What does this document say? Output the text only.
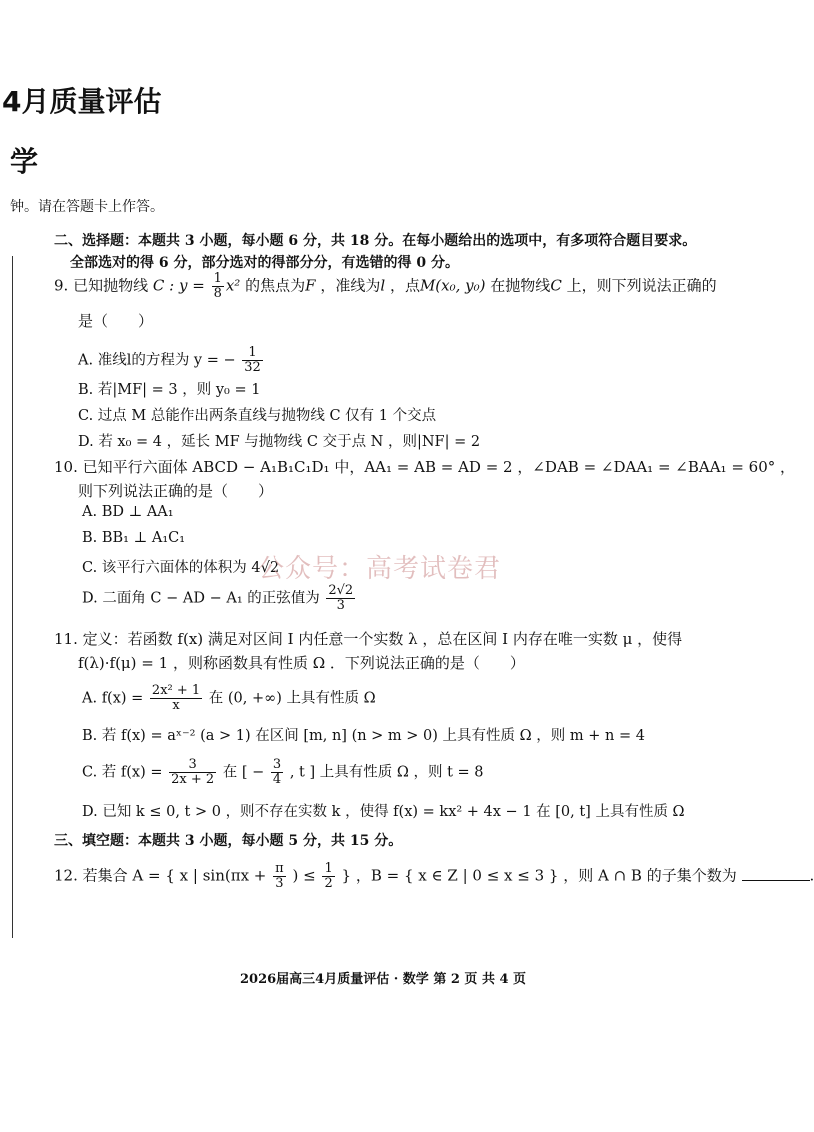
4月质量评估
学
钟。请在答题卡上作答。
二、选择题：本题共 3 小题，每小题 6 分，共 18 分。在每小题给出的选项中，有多项符合题目要求。
全部选对的得 6 分，部分选对的得部分分，有选错的得 0 分。
9. 已知抛物线 C : $y = \frac{1}{8} x^2$ 的焦点为F ，准线为l ，点M(x₀, y₀) 在抛物线C 上，则下列说法正确的
是（　　）
A. 准线l的方程为 y = − $\frac{1}{32}$
B. 若|MF| = 3 ，则 y₀ = 1
C. 过点 M 总能作出两条直线与抛物线 C 仅有 1 个交点
D. 若 x₀ = 4 ，延长 MF 与抛物线 C 交于点 N ，则|NF| = 2
10. 已知平行六面体 ABCD − A₁B₁C₁D₁ 中，AA₁ = AB = AD = 2 ，∠DAB = ∠DAA₁ = ∠BAA₁ = 60° ，
则下列说法正确的是（　　）
A. BD ⊥ AA₁
B. BB₁ ⊥ A₁C₁
C. 该平行六面体的体积为 4√2
D. 二面角 C − AD − A₁ 的正弦值为 $\frac{2√2}{3}$
公众号：高考试卷君
11. 定义：若函数 f(x) 满足对区间 I 内任意一个实数 λ ，总在区间 I 内存在唯一实数 μ ，使得
f(λ)·f(μ) = 1 ，则称函数具有性质 Ω ．下列说法正确的是（　　）
A. $f(x) = \frac{\text{2x² + 1}}{x}$ 在 (0, +∞) 上具有性质 Ω
B. 若 f(x) = aˣ⁻² (a > 1) 在区间 [m, n] (n > m > 0) 上具有性质 Ω ，则 m + n = 4
C. 若 $f(x) = \frac{3}{2x + 2}$ 在 [ − $\frac{3}{4}$ , t ] 上具有性质 Ω ，则 t = 8
D. 已知 k ≤ 0, t > 0 ，则不存在实数 k ，使得 f(x) = kx² + 4x − 1 在 [0, t] 上具有性质 Ω
三、填空题：本题共 3 小题，每小题 5 分，共 15 分。
12. 若集合 A = { x | $\sin(\pi x + \frac{\pi}{3}$ ) ≤ $\frac{1}{2}$ } ，B = { x ∈ Z | 0 ≤ x ≤ 3 } ，则 A ∩ B 的子集个数为	.
2026届高三4月质量评估 · 数学 第 2 页 共 4 页
